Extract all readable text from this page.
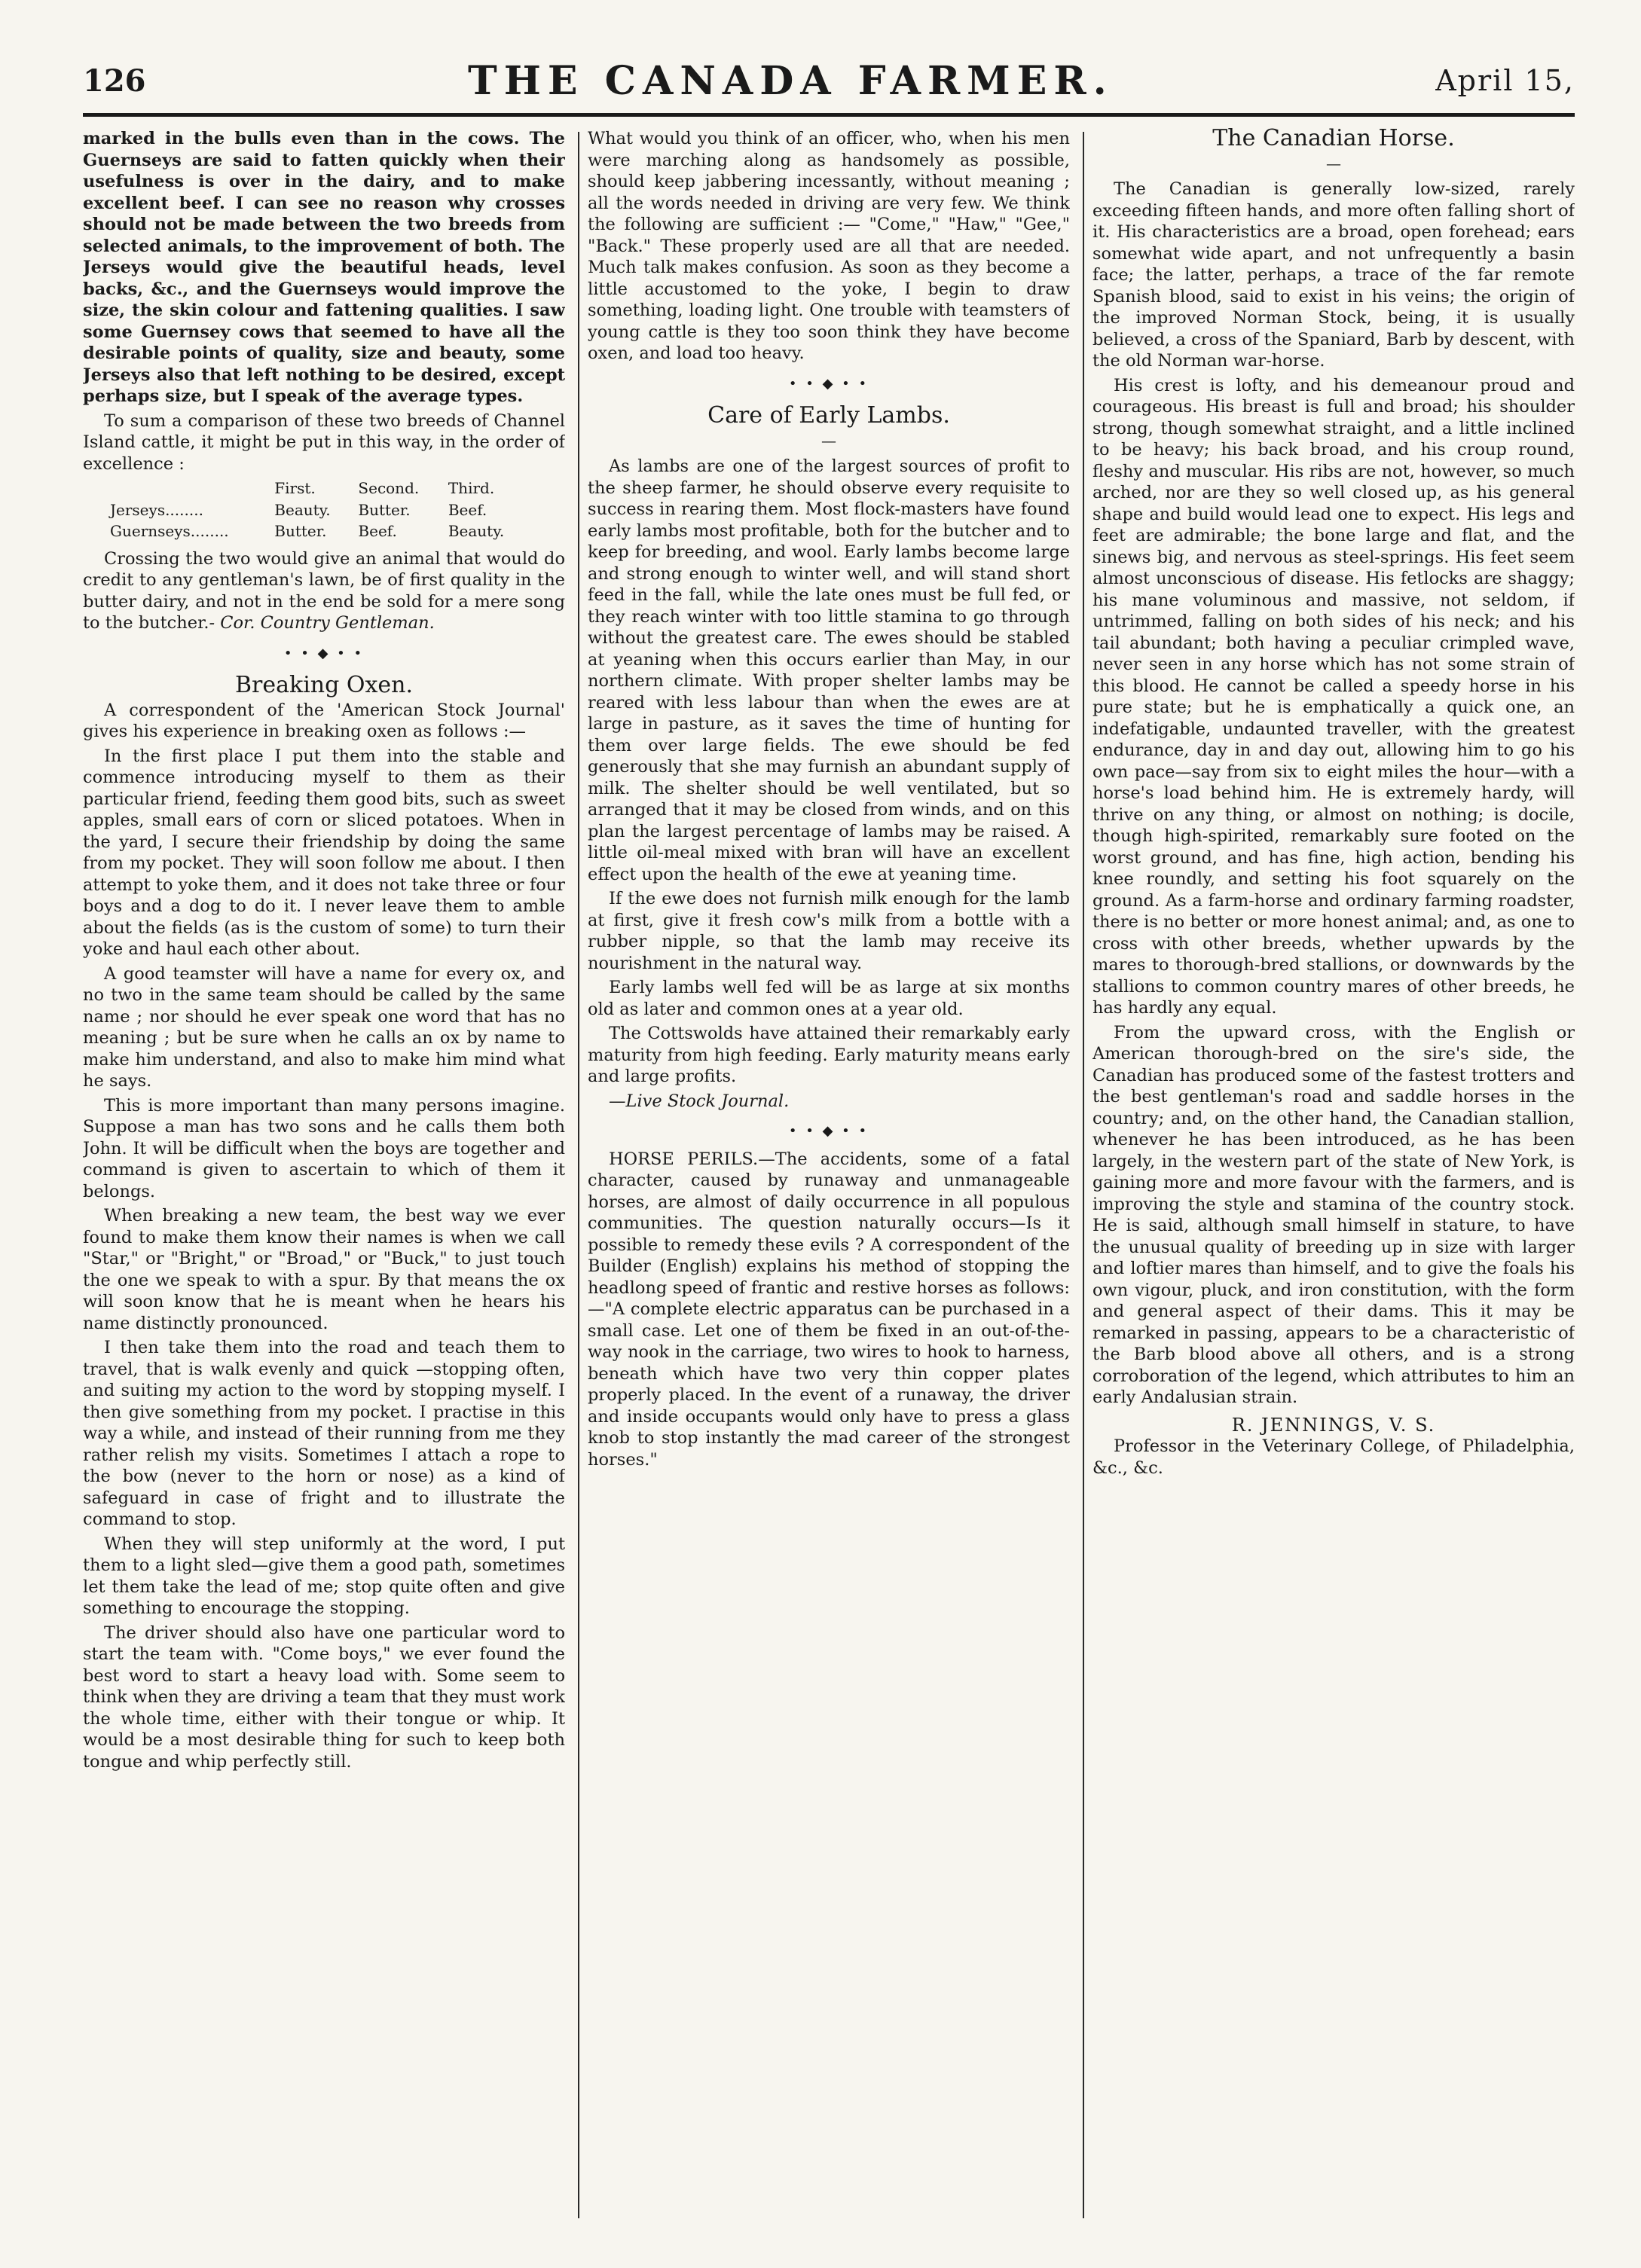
126	THE CANADA FARMER.	April 15,

marked in the bulls even than in the cows. The Guernseys are said to fatten quickly when their usefulness is over in the dairy, and to make excellent beef. I can see no reason why crosses should not be made between the two breeds from selected animals, to the improvement of both. The Jerseys would give the beautiful heads, level backs, &c., and the Guernseys would improve the size, the skin colour and fattening qualities. I saw some Guernsey cows that seemed to have all the desirable points of quality, size and beauty, some Jerseys also that left nothing to be desired, except perhaps size, but I speak of the average types.

To sum a comparison of these two breeds of Channel Island cattle, it might be put in this way, in the order of excellence :

	First.	Second.	Third.
Jerseys........	Beauty.	Butter.	Beef.
Guernseys........	Butter.	Beef.	Beauty.

Crossing the two would give an animal that would do credit to any gentleman's lawn, be of first quality in the butter dairy, and not in the end be sold for a mere song to the butcher.- Cor. Country Gentleman.

• • ◆ • •
Breaking Oxen.

A correspondent of the 'American Stock Journal' gives his experience in breaking oxen as follows :—

In the first place I put them into the stable and commence introducing myself to them as their particular friend, feeding them good bits, such as sweet apples, small ears of corn or sliced potatoes. When in the yard, I secure their friendship by doing the same from my pocket. They will soon follow me about. I then attempt to yoke them, and it does not take three or four boys and a dog to do it. I never leave them to amble about the fields (as is the custom of some) to turn their yoke and haul each other about.

A good teamster will have a name for every ox, and no two in the same team should be called by the same name ; nor should he ever speak one word that has no meaning ; but be sure when he calls an ox by name to make him understand, and also to make him mind what he says.

This is more important than many persons imagine. Suppose a man has two sons and he calls them both John. It will be difficult when the boys are together and command is given to ascertain to which of them it belongs.

When breaking a new team, the best way we ever found to make them know their names is when we call "Star," or "Bright," or "Broad," or "Buck," to just touch the one we speak to with a spur. By that means the ox will soon know that he is meant when he hears his name distinctly pronounced.

I then take them into the road and teach them to travel, that is walk evenly and quick —stopping often, and suiting my action to the word by stopping myself. I then give something from my pocket. I practise in this way a while, and instead of their running from me they rather relish my visits. Sometimes I attach a rope to the bow (never to the horn or nose) as a kind of safeguard in case of fright and to illustrate the command to stop.

When they will step uniformly at the word, I put them to a light sled—give them a good path, sometimes let them take the lead of me; stop quite often and give something to encourage the stopping.

The driver should also have one particular word to start the team with. "Come boys," we ever found the best word to start a heavy load with. Some seem to think when they are driving a team that they must work the whole time, either with their tongue or whip. It would be a most desirable thing for such to keep both tongue and whip perfectly still.

What would you think of an officer, who, when his men were marching along as handsomely as possible, should keep jabbering incessantly, without meaning ; all the words needed in driving are very few. We think the following are sufficient :— "Come," "Haw," "Gee," "Back." These properly used are all that are needed. Much talk makes confusion. As soon as they become a little accustomed to the yoke, I begin to draw something, loading light. One trouble with teamsters of young cattle is they too soon think they have become oxen, and load too heavy.

• • ◆ • •
Care of Early Lambs.
—

As lambs are one of the largest sources of profit to the sheep farmer, he should observe every requisite to success in rearing them. Most flock-masters have found early lambs most profitable, both for the butcher and to keep for breeding, and wool. Early lambs become large and strong enough to winter well, and will stand short feed in the fall, while the late ones must be full fed, or they reach winter with too little stamina to go through without the greatest care. The ewes should be stabled at yeaning when this occurs earlier than May, in our northern climate. With proper shelter lambs may be reared with less labour than when the ewes are at large in pasture, as it saves the time of hunting for them over large fields. The ewe should be fed generously that she may furnish an abundant supply of milk. The shelter should be well ventilated, but so arranged that it may be closed from winds, and on this plan the largest percentage of lambs may be raised. A little oil-meal mixed with bran will have an excellent effect upon the health of the ewe at yeaning time.

If the ewe does not furnish milk enough for the lamb at first, give it fresh cow's milk from a bottle with a rubber nipple, so that the lamb may receive its nourishment in the natural way.

Early lambs well fed will be as large at six months old as later and common ones at a year old.

The Cottswolds have attained their remarkably early maturity from high feeding. Early maturity means early and large profits.

—Live Stock Journal.

• • ◆ • •

HORSE PERILS.—The accidents, some of a fatal character, caused by runaway and unmanageable horses, are almost of daily occurrence in all populous communities. The question naturally occurs—Is it possible to remedy these evils ? A correspondent of the Builder (English) explains his method of stopping the headlong speed of frantic and restive horses as follows:—"A complete electric apparatus can be purchased in a small case. Let one of them be fixed in an out-of-the-way nook in the carriage, two wires to hook to harness, beneath which have two very thin copper plates properly placed. In the event of a runaway, the driver and inside occupants would only have to press a glass knob to stop instantly the mad career of the strongest horses."

The Canadian Horse.
—

The Canadian is generally low-sized, rarely exceeding fifteen hands, and more often falling short of it. His characteristics are a broad, open forehead; ears somewhat wide apart, and not unfrequently a basin face; the latter, perhaps, a trace of the far remote Spanish blood, said to exist in his veins; the origin of the improved Norman Stock, being, it is usually believed, a cross of the Spaniard, Barb by descent, with the old Norman war-horse.

His crest is lofty, and his demeanour proud and courageous. His breast is full and broad; his shoulder strong, though somewhat straight, and a little inclined to be heavy; his back broad, and his croup round, fleshy and muscular. His ribs are not, however, so much arched, nor are they so well closed up, as his general shape and build would lead one to expect. His legs and feet are admirable; the bone large and flat, and the sinews big, and nervous as steel-springs. His feet seem almost unconscious of disease. His fetlocks are shaggy; his mane voluminous and massive, not seldom, if untrimmed, falling on both sides of his neck; and his tail abundant; both having a peculiar crimpled wave, never seen in any horse which has not some strain of this blood. He cannot be called a speedy horse in his pure state; but he is emphatically a quick one, an indefatigable, undaunted traveller, with the greatest endurance, day in and day out, allowing him to go his own pace—say from six to eight miles the hour—with a horse's load behind him. He is extremely hardy, will thrive on any thing, or almost on nothing; is docile, though high-spirited, remarkably sure footed on the worst ground, and has fine, high action, bending his knee roundly, and setting his foot squarely on the ground. As a farm-horse and ordinary farming roadster, there is no better or more honest animal; and, as one to cross with other breeds, whether upwards by the mares to thorough-bred stallions, or downwards by the stallions to common country mares of other breeds, he has hardly any equal.

From the upward cross, with the English or American thorough-bred on the sire's side, the Canadian has produced some of the fastest trotters and the best gentleman's road and saddle horses in the country; and, on the other hand, the Canadian stallion, whenever he has been introduced, as he has been largely, in the western part of the state of New York, is gaining more and more favour with the farmers, and is improving the style and stamina of the country stock. He is said, although small himself in stature, to have the unusual quality of breeding up in size with larger and loftier mares than himself, and to give the foals his own vigour, pluck, and iron constitution, with the form and general aspect of their dams. This it may be remarked in passing, appears to be a characteristic of the Barb blood above all others, and is a strong corroboration of the legend, which attributes to him an early Andalusian strain.

R. JENNINGS, V. S.

Professor in the Veterinary College, of Philadelphia, &c., &c.
